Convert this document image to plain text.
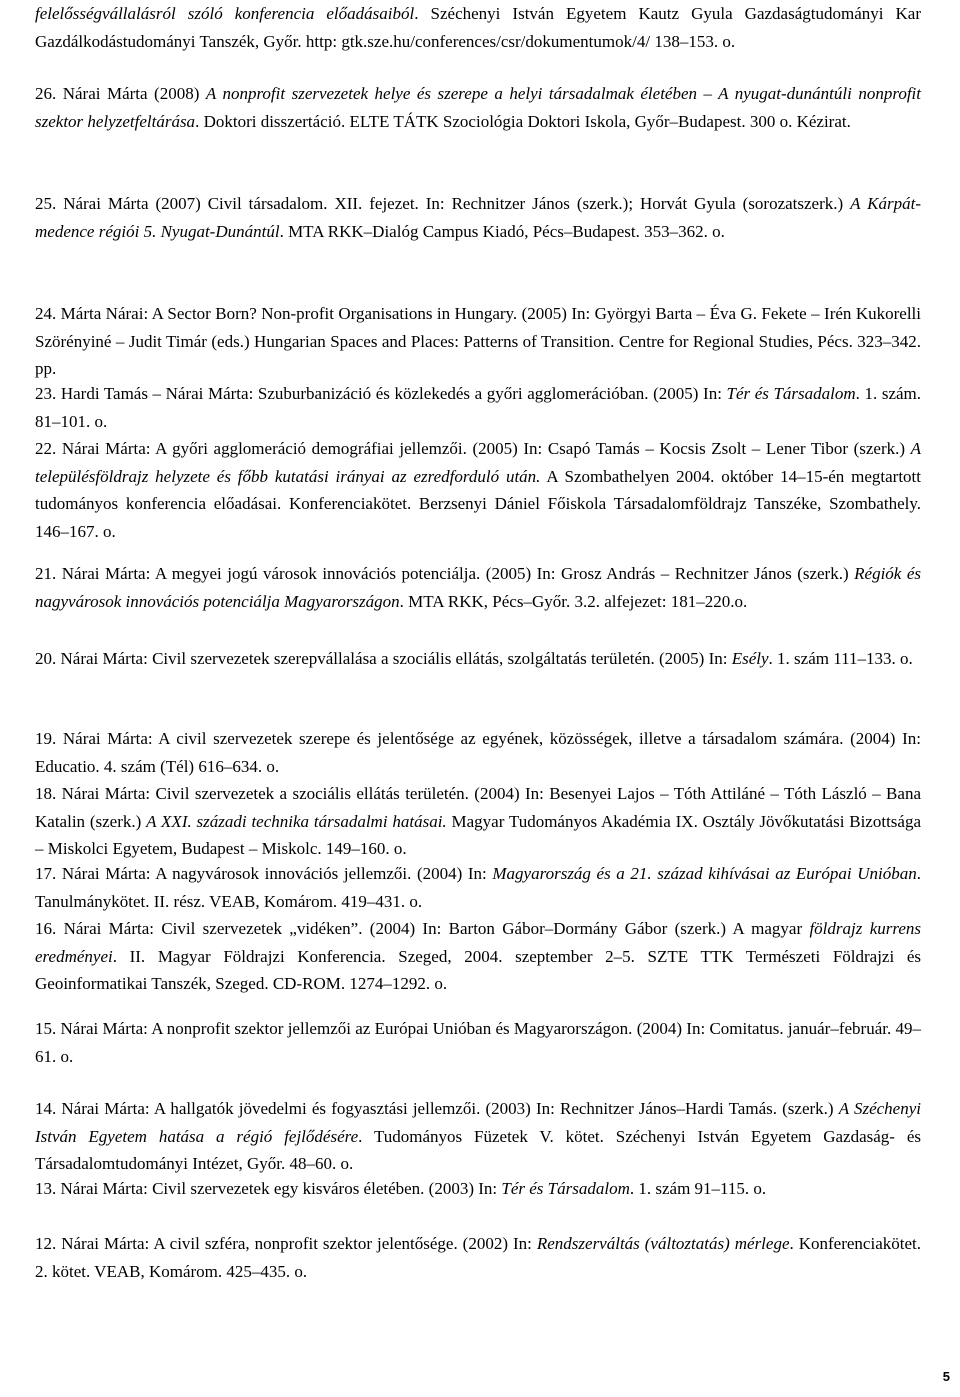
felelősségvállalásról szóló konferencia előadásaiból. Széchenyi István Egyetem Kautz Gyula Gazdaságtudományi Kar Gazdálkodástudományi Tanszék, Győr. http: gtk.sze.hu/conferences/csr/dokumentumok/4/ 138–153. o.

26. Nárai Márta (2008) A nonprofit szervezetek helye és szerepe a helyi társadalmak életében – A nyugat-dunántúli nonprofit szektor helyzetfeltárása. Doktori disszertáció. ELTE TÁTK Szociológia Doktori Iskola, Győr–Budapest. 300 o. Kézirat.

25. Nárai Márta (2007) Civil társadalom. XII. fejezet. In: Rechnitzer János (szerk.); Horvát Gyula (sorozatszerk.) A Kárpát-medence régiói 5. Nyugat-Dunántúl. MTA RKK–Dialóg Campus Kiadó, Pécs–Budapest. 353–362. o.

24. Márta Nárai: A Sector Born? Non-profit Organisations in Hungary. (2005) In: Györgyi Barta – Éva G. Fekete – Irén Kukorelli Szörényiné – Judit Timár (eds.) Hungarian Spaces and Places: Patterns of Transition. Centre for Regional Studies, Pécs. 323–342. pp.

23. Hardi Tamás – Nárai Márta: Szuburbanizáció és közlekedés a győri agglomerációban. (2005) In: Tér és Társadalom. 1. szám. 81–101. o.

22. Nárai Márta: A győri agglomeráció demográfiai jellemzői. (2005) In: Csapó Tamás – Kocsis Zsolt – Lener Tibor (szerk.) A településföldrajz helyzete és főbb kutatási irányai az ezredforduló után. A Szombathelyen 2004. október 14–15-én megtartott tudományos konferencia előadásai. Konferenciakötet. Berzsenyi Dániel Főiskola Társadalomföldrajz Tanszéke, Szombathely. 146–167. o.

21. Nárai Márta: A megyei jogú városok innovációs potenciálja. (2005) In: Grosz András – Rechnitzer János (szerk.) Régiók és nagyvárosok innovációs potenciálja Magyarországon. MTA RKK, Pécs–Győr. 3.2. alfejezet: 181–220.o.

20. Nárai Márta: Civil szervezetek szerepvállalása a szociális ellátás, szolgáltatás területén. (2005) In: Esély. 1. szám 111–133. o.

19. Nárai Márta: A civil szervezetek szerepe és jelentősége az egyének, közösségek, illetve a társadalom számára. (2004) In: Educatio. 4. szám (Tél) 616–634. o.

18. Nárai Márta: Civil szervezetek a szociális ellátás területén. (2004) In: Besenyei Lajos – Tóth Attiláné – Tóth László – Bana Katalin (szerk.) A XXI. századi technika társadalmi hatásai. Magyar Tudományos Akadémia IX. Osztály Jövőkutatási Bizottsága – Miskolci Egyetem, Budapest – Miskolc. 149–160. o.

17. Nárai Márta: A nagyvárosok innovációs jellemzői. (2004) In: Magyarország és a 21. század kihívásai az Európai Unióban. Tanulmánykötet. II. rész. VEAB, Komárom. 419–431. o.

16. Nárai Márta: Civil szervezetek „vidéken”. (2004) In: Barton Gábor–Dormány Gábor (szerk.) A magyar földrajz kurrens eredményei. II. Magyar Földrajzi Konferencia. Szeged, 2004. szeptember 2–5. SZTE TTK Természeti Földrajzi és Geoinformatikai Tanszék, Szeged. CD-ROM. 1274–1292. o.

15. Nárai Márta: A nonprofit szektor jellemzői az Európai Unióban és Magyarországon. (2004) In: Comitatus. január–február. 49–61. o.

14. Nárai Márta: A hallgatók jövedelmi és fogyasztási jellemzői. (2003) In: Rechnitzer János–Hardi Tamás. (szerk.) A Széchenyi István Egyetem hatása a régió fejlődésére. Tudományos Füzetek V. kötet. Széchenyi István Egyetem Gazdaság- és Társadalomtudományi Intézet, Győr. 48–60. o.

13. Nárai Márta: Civil szervezetek egy kisváros életében. (2003) In: Tér és Társadalom. 1. szám 91–115. o.

12. Nárai Márta: A civil szféra, nonprofit szektor jelentősége. (2002) In: Rendszerváltás (változtatás) mérlege. Konferenciakötet. 2. kötet. VEAB, Komárom. 425–435. o.

5
